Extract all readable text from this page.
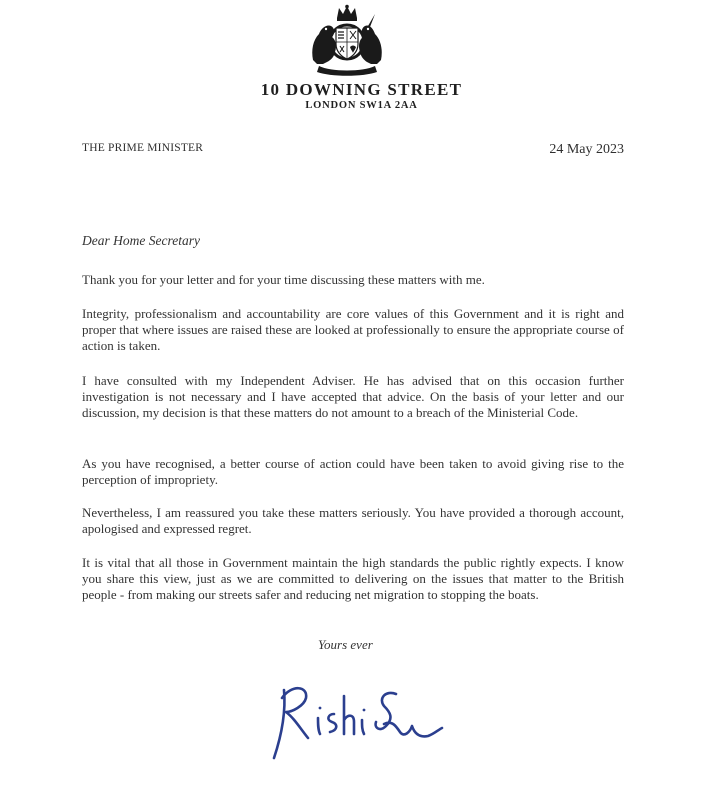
10 DOWNING STREET
LONDON SW1A 2AA
THE PRIME MINISTER	24 May 2023
Dear Home Secretary

Thank you for your letter and for your time discussing these matters with me.

Integrity, professionalism and accountability are core values of this Government and it is right and proper that where issues are raised these are looked at professionally to ensure the appropriate course of action is taken.

I have consulted with my Independent Adviser. He has advised that on this occasion further investigation is not necessary and I have accepted that advice. On the basis of your letter and our discussion, my decision is that these matters do not amount to a breach of the Ministerial Code.

As you have recognised, a better course of action could have been taken to avoid giving rise to the perception of impropriety.

Nevertheless, I am reassured you take these matters seriously. You have provided a thorough account, apologised and expressed regret.

It is vital that all those in Government maintain the high standards the public rightly expects. I know you share this view, just as we are committed to delivering on the issues that matter to the British people - from making our streets safer and reducing net migration to stopping the boats.

Yours ever
